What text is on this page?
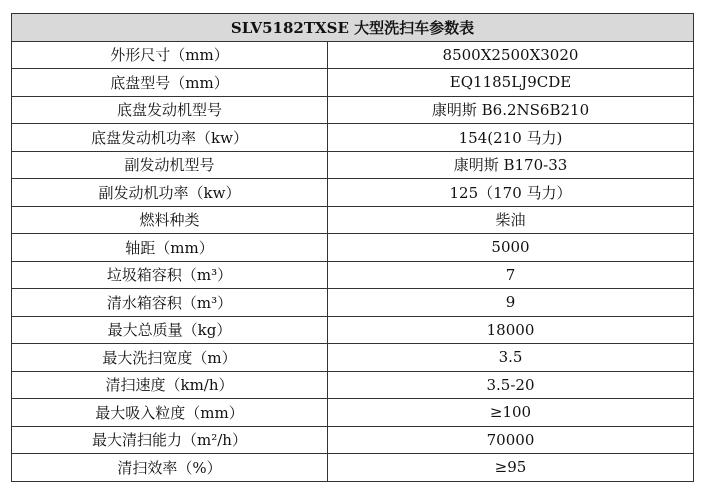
SLV5182TXSE 大型洗扫车参数表	
外形尺寸（mm）	8500X2500X3020
底盘型号（mm）	EQ1185LJ9CDE
底盘发动机型号	康明斯 B6.2NS6B210
底盘发动机功率（kw）	154(210 马力)
副发动机型号	康明斯 B170-33
副发动机功率（kw）	125（170 马力）
燃料种类	柴油
轴距（mm）	5000
垃圾箱容积（m³）	7
清水箱容积（m³）	9
最大总质量（kg）	18000
最大洗扫宽度（m）	3.5
清扫速度（km/h）	3.5-20
最大吸入粒度（mm）	≥100
最大清扫能力（m²/h）	70000
清扫效率（%）	≥95
